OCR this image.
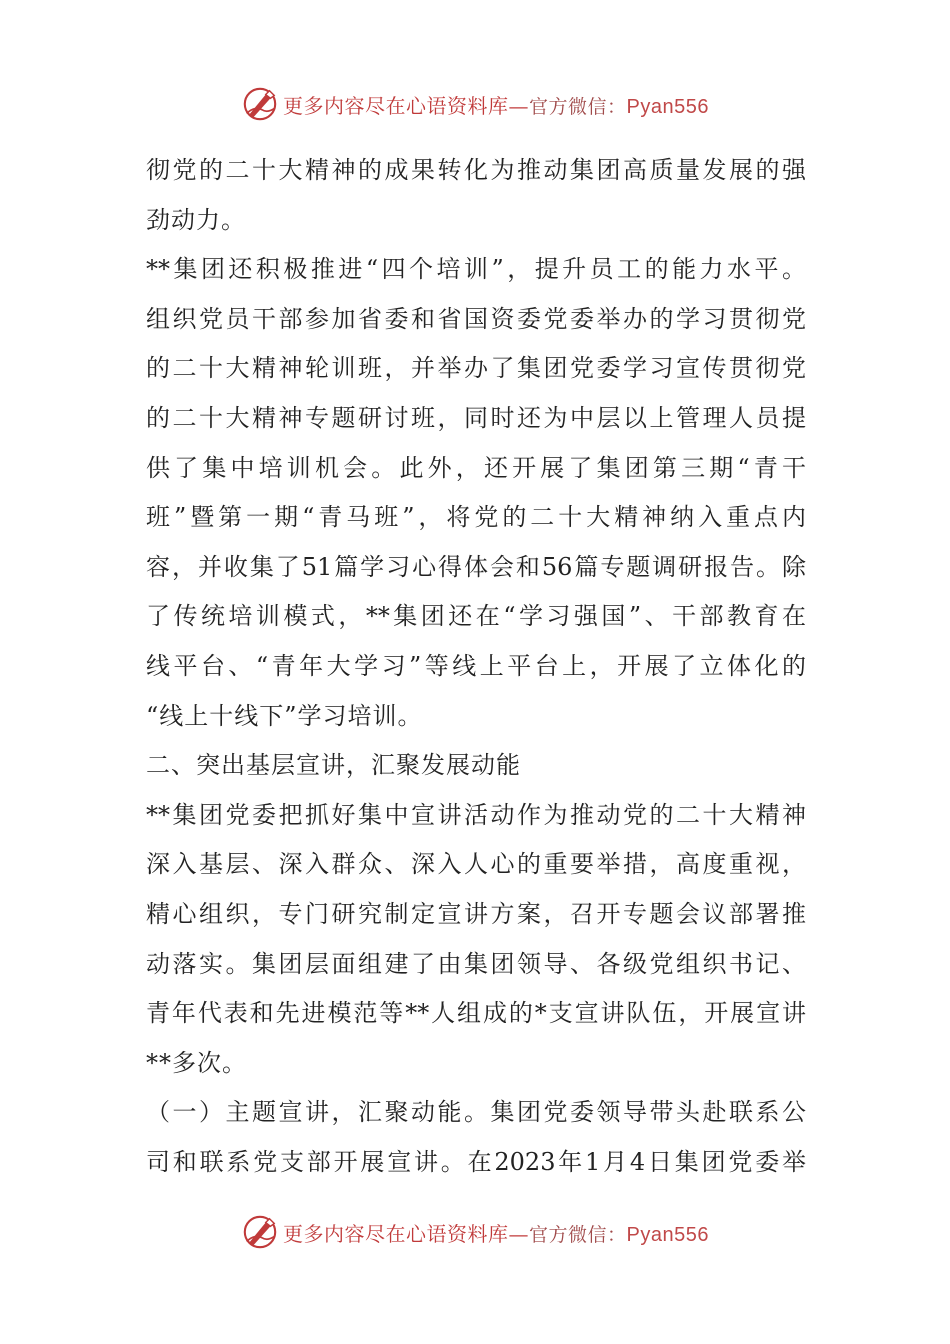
更多内容尽在心语资料库—官方微信：Pyan556
彻党的二十大精神的成果转化为推动集团高质量发展的强
劲动力。
**集团还积极推进“四个培训”，提升员工的能力水平。
组织党员干部参加省委和省国资委党委举办的学习贯彻党
的二十大精神轮训班，并举办了集团党委学习宣传贯彻党
的二十大精神专题研讨班，同时还为中层以上管理人员提
供了集中培训机会。此外，还开展了集团第三期“青干
班”暨第一期“青马班”，将党的二十大精神纳入重点内
容，并收集了51篇学习心得体会和56篇专题调研报告。除
了传统培训模式，**集团还在“学习强国”、干部教育在
线平台、“青年大学习”等线上平台上，开展了立体化的
“线上十线下”学习培训。
二、突出基层宣讲，汇聚发展动能
**集团党委把抓好集中宣讲活动作为推动党的二十大精神
深入基层、深入群众、深入人心的重要举措，高度重视，
精心组织，专门研究制定宣讲方案，召开专题会议部署推
动落实。集团层面组建了由集团领导、各级党组织书记、
青年代表和先进模范等**人组成的*支宣讲队伍，开展宣讲
**多次。
（一）主题宣讲，汇聚动能。集团党委领导带头赴联系公
司和联系党支部开展宣讲。在2023年1月4日集团党委举
更多内容尽在心语资料库—官方微信：Pyan556
